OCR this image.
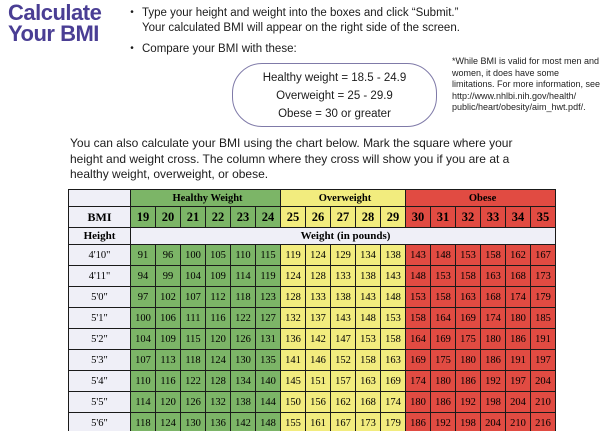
Calculate
Your BMI
• Type your height and weight into the boxes and click “Submit.” Your calculated BMI will appear on the right side of the screen.
• Compare your BMI with these:
Healthy weight = 18.5 - 24.9
Overweight = 25 - 29.9
Obese = 30 or greater
*While BMI is valid for most men and women, it does have some limitations. For more information, see http://www.nhlbi.nih.gov/health/ public/heart/obesity/aim_hwt.pdf/.

You can also calculate your BMI using the chart below. Mark the square where your height and weight cross. The column where they cross will show you if you are at a healthy weight, overweight, or obese.

	Healthy Weight						Overweight					Obese					
BMI	19	20	21	22	23	24	25	26	27	28	29	30	31	32	33	34	35
Height	Weight (in pounds)																
4'10"	91	96	100	105	110	115	119	124	129	134	138	143	148	153	158	162	167
4'11"	94	99	104	109	114	119	124	128	133	138	143	148	153	158	163	168	173
5'0"	97	102	107	112	118	123	128	133	138	143	148	153	158	163	168	174	179
5'1"	100	106	111	116	122	127	132	137	143	148	153	158	164	169	174	180	185
5'2"	104	109	115	120	126	131	136	142	147	153	158	164	169	175	180	186	191
5'3"	107	113	118	124	130	135	141	146	152	158	163	169	175	180	186	191	197
5'4"	110	116	122	128	134	140	145	151	157	163	169	174	180	186	192	197	204
5'5"	114	120	126	132	138	144	150	156	162	168	174	180	186	192	198	204	210
5'6"	118	124	130	136	142	148	155	161	167	173	179	186	192	198	204	210	216
